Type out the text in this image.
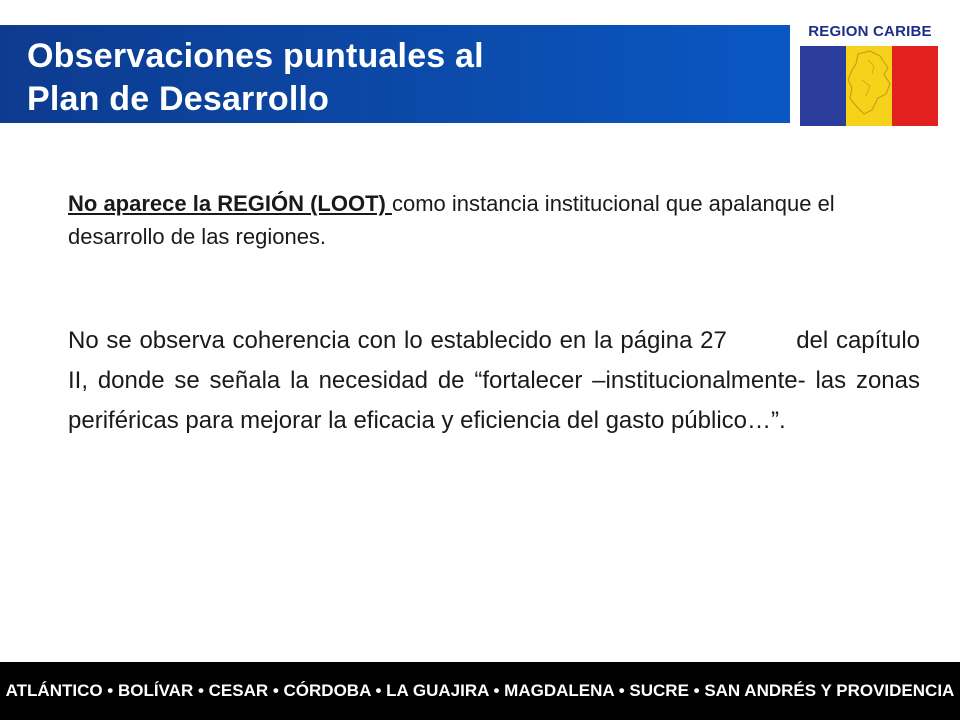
Observaciones puntuales al
Plan de Desarrollo
REGION CARIBE

No aparece la REGIÓN (LOOT) como instancia institucional que apalanque el desarrollo de las regiones.

No se observa coherencia con lo establecido en la página 27         del capítulo II, donde se señala la necesidad de “fortalecer –institucionalmente- las zonas periféricas para mejorar la eficacia y eficiencia del gasto público…”.

ATLÁNTICO • BOLÍVAR • CESAR • CÓRDOBA • LA GUAJIRA • MAGDALENA • SUCRE • SAN ANDRÉS Y PROVIDENCIA
